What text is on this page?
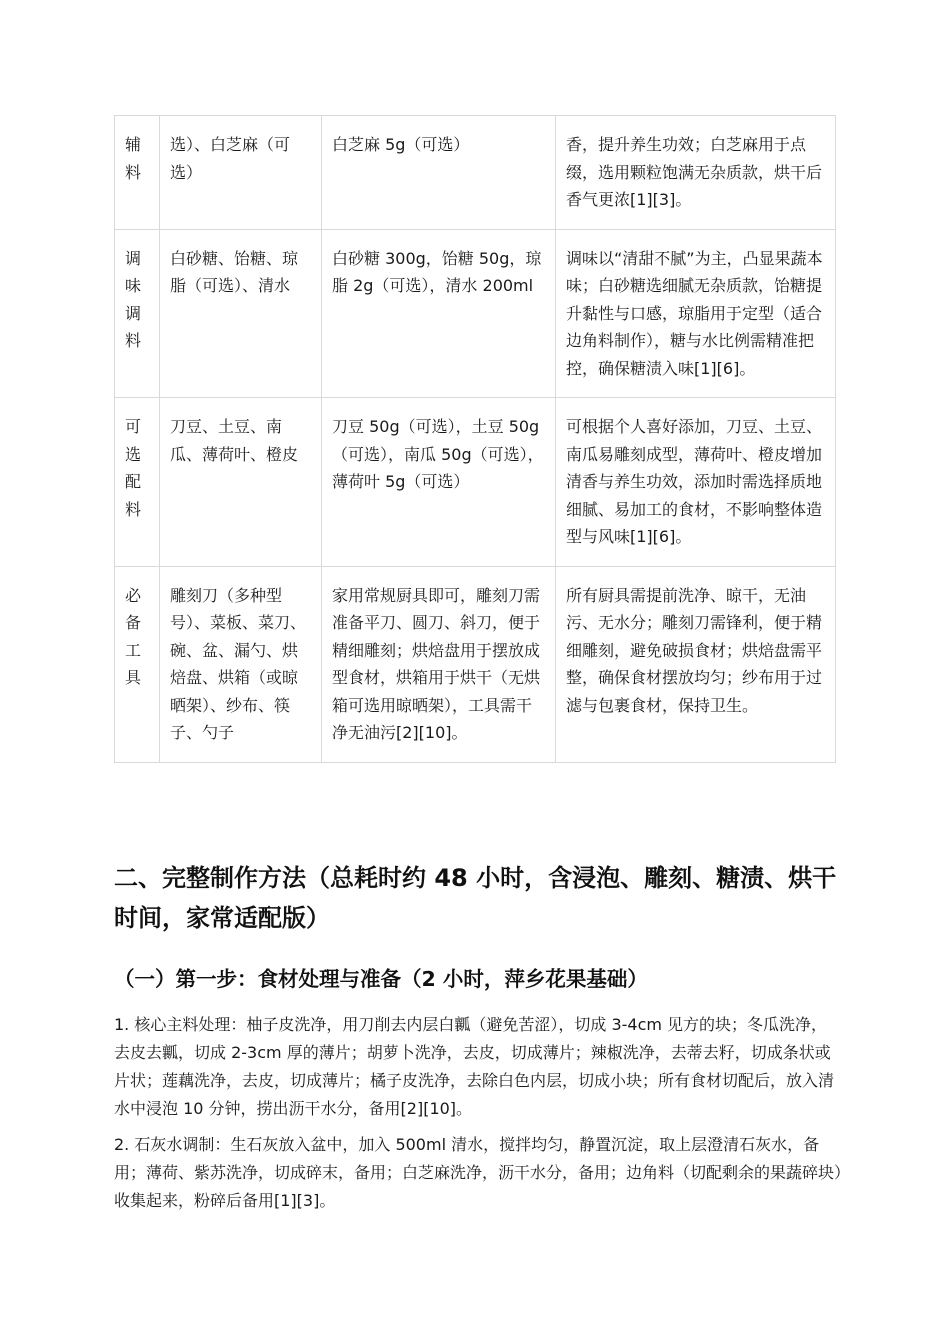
辅料	选）、白芝麻（可选）	白芝麻 5g（可选）	香，提升养生功效；白芝麻用于点缀，选用颗粒饱满无杂质款，烘干后香气更浓[1][3]。
调味调料	白砂糖、饴糖、琼脂（可选）、清水	白砂糖 300g，饴糖 50g，琼脂 2g（可选），清水 200ml	调味以“清甜不腻”为主，凸显果蔬本味；白砂糖选细腻无杂质款，饴糖提升黏性与口感，琼脂用于定型（适合边角料制作），糖与水比例需精准把控，确保糖渍入味[1][6]。
可选配料	刀豆、土豆、南瓜、薄荷叶、橙皮	刀豆 50g（可选），土豆 50g（可选），南瓜 50g（可选），薄荷叶 5g（可选）	可根据个人喜好添加，刀豆、土豆、南瓜易雕刻成型，薄荷叶、橙皮增加清香与养生功效，添加时需选择质地细腻、易加工的食材，不影响整体造型与风味[1][6]。
必备工具	雕刻刀（多种型号）、菜板、菜刀、碗、盆、漏勺、烘焙盘、烘箱（或晾晒架）、纱布、筷子、勺子	家用常规厨具即可，雕刻刀需准备平刀、圆刀、斜刀，便于精细雕刻；烘焙盘用于摆放成型食材，烘箱用于烘干（无烘箱可选用晾晒架），工具需干净无油污[2][10]。	所有厨具需提前洗净、晾干，无油污、无水分；雕刻刀需锋利，便于精细雕刻，避免破损食材；烘焙盘需平整，确保食材摆放均匀；纱布用于过滤与包裹食材，保持卫生。
二、完整制作方法（总耗时约 48 小时，含浸泡、雕刻、糖渍、烘干时间，家常适配版）
（一）第一步：食材处理与准备（2 小时，萍乡花果基础）

1. 核心主料处理：柚子皮洗净，用刀削去内层白瓤（避免苦涩），切成 3-4cm 见方的块；冬瓜洗净，去皮去瓤，切成 2-3cm 厚的薄片；胡萝卜洗净，去皮，切成薄片；辣椒洗净，去蒂去籽，切成条状或片状；莲藕洗净，去皮，切成薄片；橘子皮洗净，去除白色内层，切成小块；所有食材切配后，放入清水中浸泡 10 分钟，捞出沥干水分，备用[2][10]。

2. 石灰水调制：生石灰放入盆中，加入 500ml 清水，搅拌均匀，静置沉淀，取上层澄清石灰水，备用；薄荷、紫苏洗净，切成碎末，备用；白芝麻洗净，沥干水分，备用；边角料（切配剩余的果蔬碎块）收集起来，粉碎后备用[1][3]。
